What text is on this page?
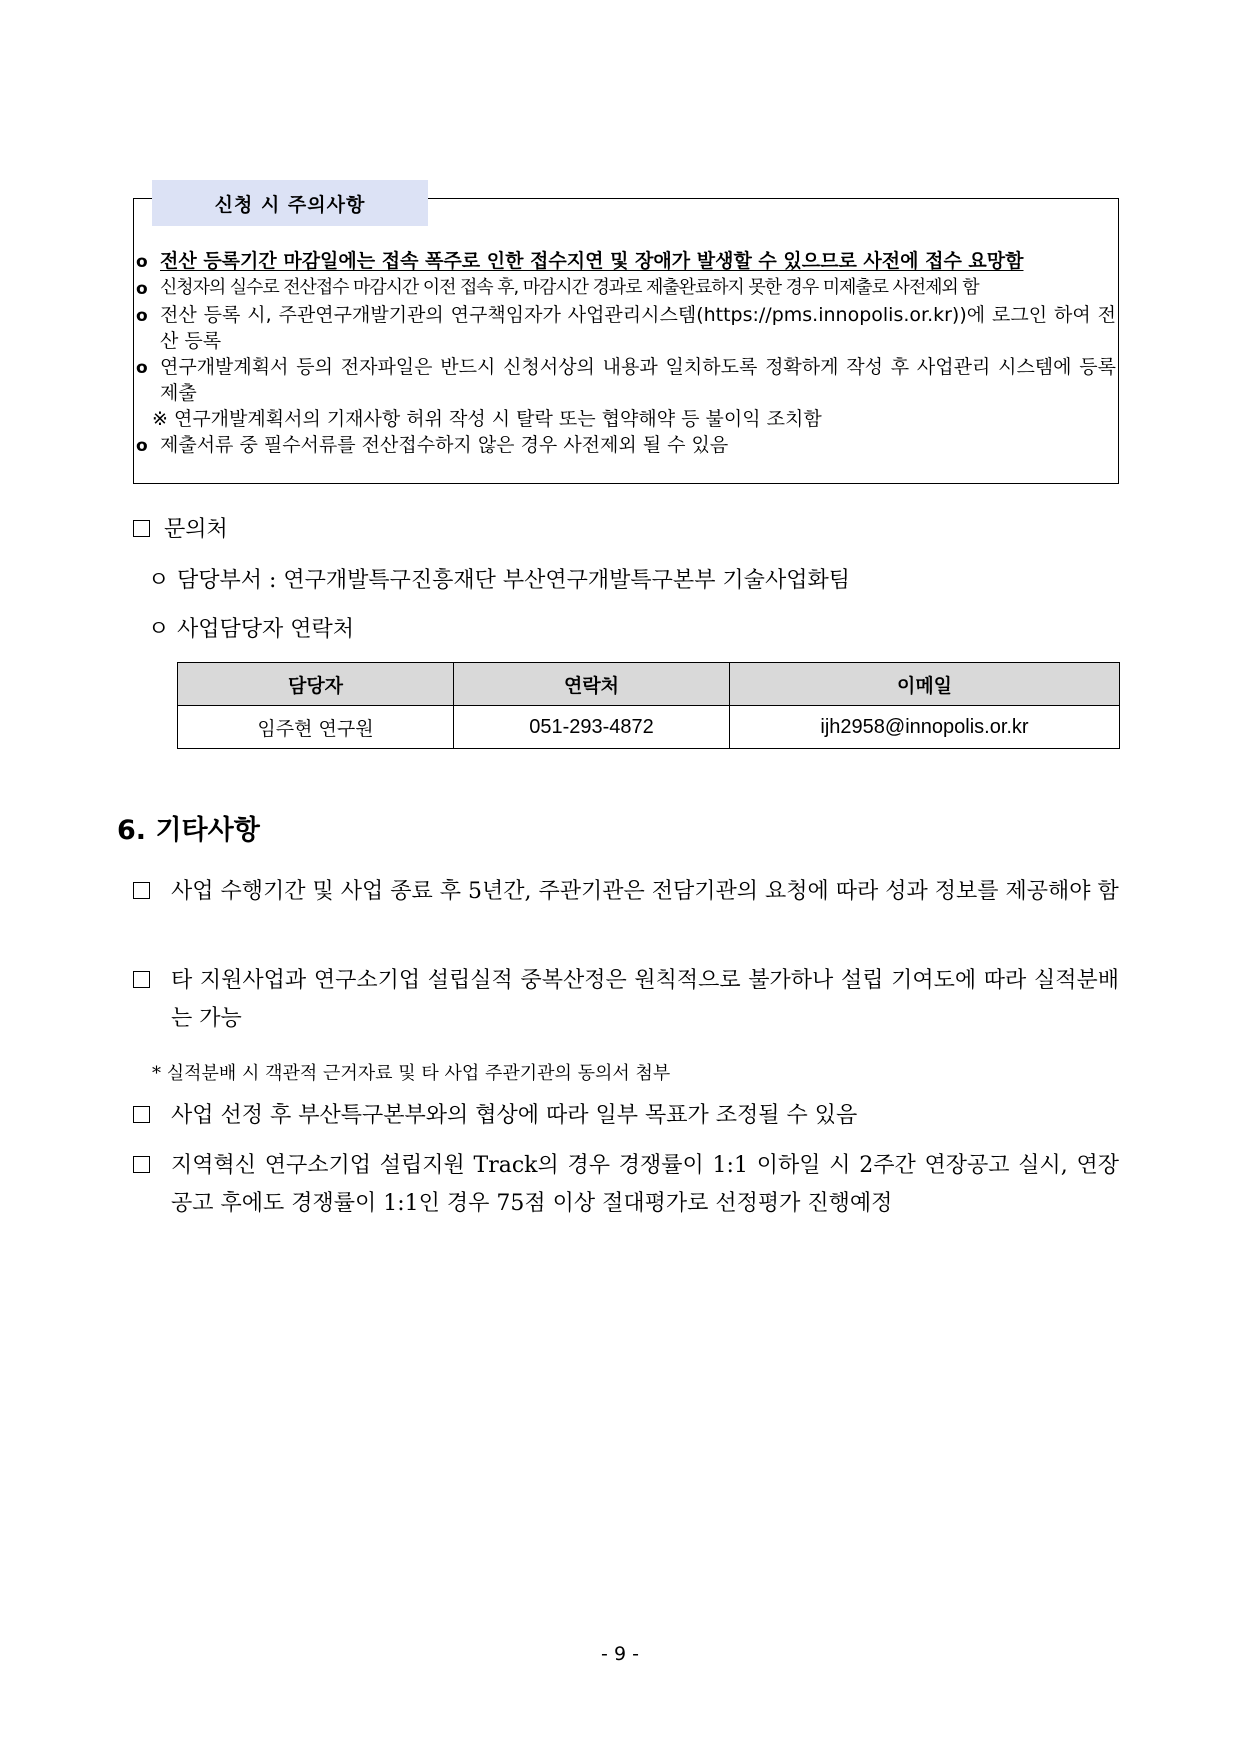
신청 시 주의사항
o 전산 등록기간 마감일에는 접속 폭주로 인한 접수지연 및 장애가 발생할 수 있으므로 사전에 접수 요망함
o 신청자의 실수로 전산접수 마감시간 이전 접속 후, 마감시간 경과로 제출완료하지 못한 경우 미제출로 사전제외 함
o 전산 등록 시, 주관연구개발기관의 연구책임자가 사업관리시스템(https://pms.innopolis.or.kr))에 로그인 하여 전산 등록
o 연구개발계획서 등의 전자파일은 반드시 신청서상의 내용과 일치하도록 정확하게 작성 후 사업관리 시스템에 등록 제출
※ 연구개발계획서의 기재사항 허위 작성 시 탈락 또는 협약해약 등 불이익 조치함
o 제출서류 중 필수서류를 전산접수하지 않은 경우 사전제외 될 수 있음
문의처
ㅇ 담당부서 : 연구개발특구진흥재단 부산연구개발특구본부 기술사업화팀
ㅇ 사업담당자 연락처
담당자	연락처	이메일
임주현 연구원	051-293-4872	ijh2958@innopolis.or.kr
6. 기타사항
사업 수행기간 및 사업 종료 후 5년간, 주관기관은 전담기관의 요청에 따라 성과 정보를 제공해야 함
타 지원사업과 연구소기업 설립실적 중복산정은 원칙적으로 불가하나 설립 기여도에 따라 실적분배는 가능
* 실적분배 시 객관적 근거자료 및 타 사업 주관기관의 동의서 첨부
사업 선정 후 부산특구본부와의 협상에 따라 일부 목표가 조정될 수 있음
지역혁신 연구소기업 설립지원 Track의 경우 경쟁률이 1:1 이하일 시 2주간 연장공고 실시, 연장공고 후에도 경쟁률이 1:1인 경우 75점 이상 절대평가로 선정평가 진행예정
- 9 -
